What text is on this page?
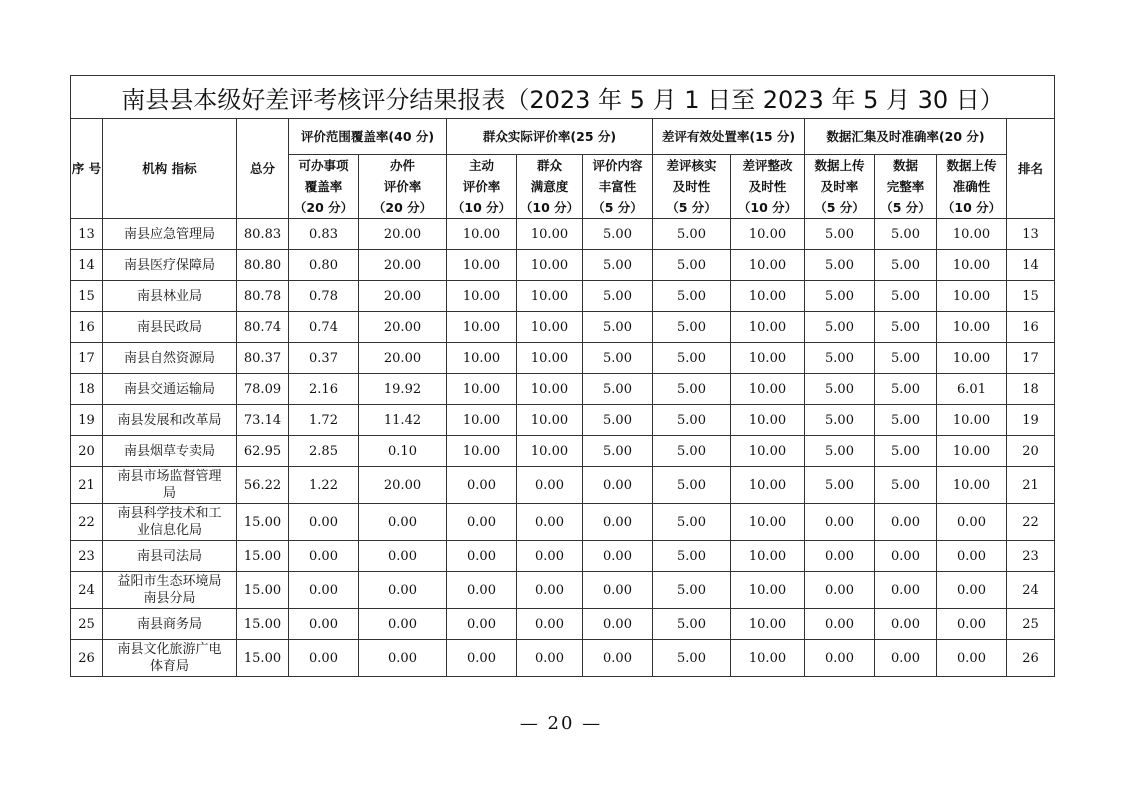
南县县本级好差评考核评分结果报表（2023 年 5 月 1 日至 2023 年 5 月 30 日）													
序 号	机构 指标	总分	评价范围覆盖率(40 分)		群众实际评价率(25 分)			差评有效处置率(15 分)		数据汇集及时准确率(20 分)			排名

			可办事项
覆盖率
（20 分）	办件
评价率
（20 分）	主动
评价率
（10 分）	群众
满意度
（10 分）	评价内容
丰富性
（5 分）	差评核实
及时性
（5 分）	差评整改
及时性
（10 分）	数据上传
及时率
（5 分）	数据
完整率
（5 分）	数据上传
准确性
（10 分）	

13	南县应急管理局	80.83	0.83	20.00	10.00	10.00	5.00	5.00	10.00	5.00	5.00	10.00	13
14	南县医疗保障局	80.80	0.80	20.00	10.00	10.00	5.00	5.00	10.00	5.00	5.00	10.00	14
15	南县林业局	80.78	0.78	20.00	10.00	10.00	5.00	5.00	10.00	5.00	5.00	10.00	15
16	南县民政局	80.74	0.74	20.00	10.00	10.00	5.00	5.00	10.00	5.00	5.00	10.00	16
17	南县自然资源局	80.37	0.37	20.00	10.00	10.00	5.00	5.00	10.00	5.00	5.00	10.00	17
18	南县交通运输局	78.09	2.16	19.92	10.00	10.00	5.00	5.00	10.00	5.00	5.00	6.01	18
19	南县发展和改革局	73.14	1.72	11.42	10.00	10.00	5.00	5.00	10.00	5.00	5.00	10.00	19
20	南县烟草专卖局	62.95	2.85	0.10	10.00	10.00	5.00	5.00	10.00	5.00	5.00	10.00	20
21	南县市场监督管理
局	56.22	1.22	20.00	0.00	0.00	0.00	5.00	10.00	5.00	5.00	10.00	21
22	南县科学技术和工
业信息化局	15.00	0.00	0.00	0.00	0.00	0.00	5.00	10.00	0.00	0.00	0.00	22
23	南县司法局	15.00	0.00	0.00	0.00	0.00	0.00	5.00	10.00	0.00	0.00	0.00	23
24	益阳市生态环境局
南县分局	15.00	0.00	0.00	0.00	0.00	0.00	5.00	10.00	0.00	0.00	0.00	24
25	南县商务局	15.00	0.00	0.00	0.00	0.00	0.00	5.00	10.00	0.00	0.00	0.00	25
26	南县文化旅游广电
体育局	15.00	0.00	0.00	0.00	0.00	0.00	5.00	10.00	0.00	0.00	0.00	26
— 20 —
